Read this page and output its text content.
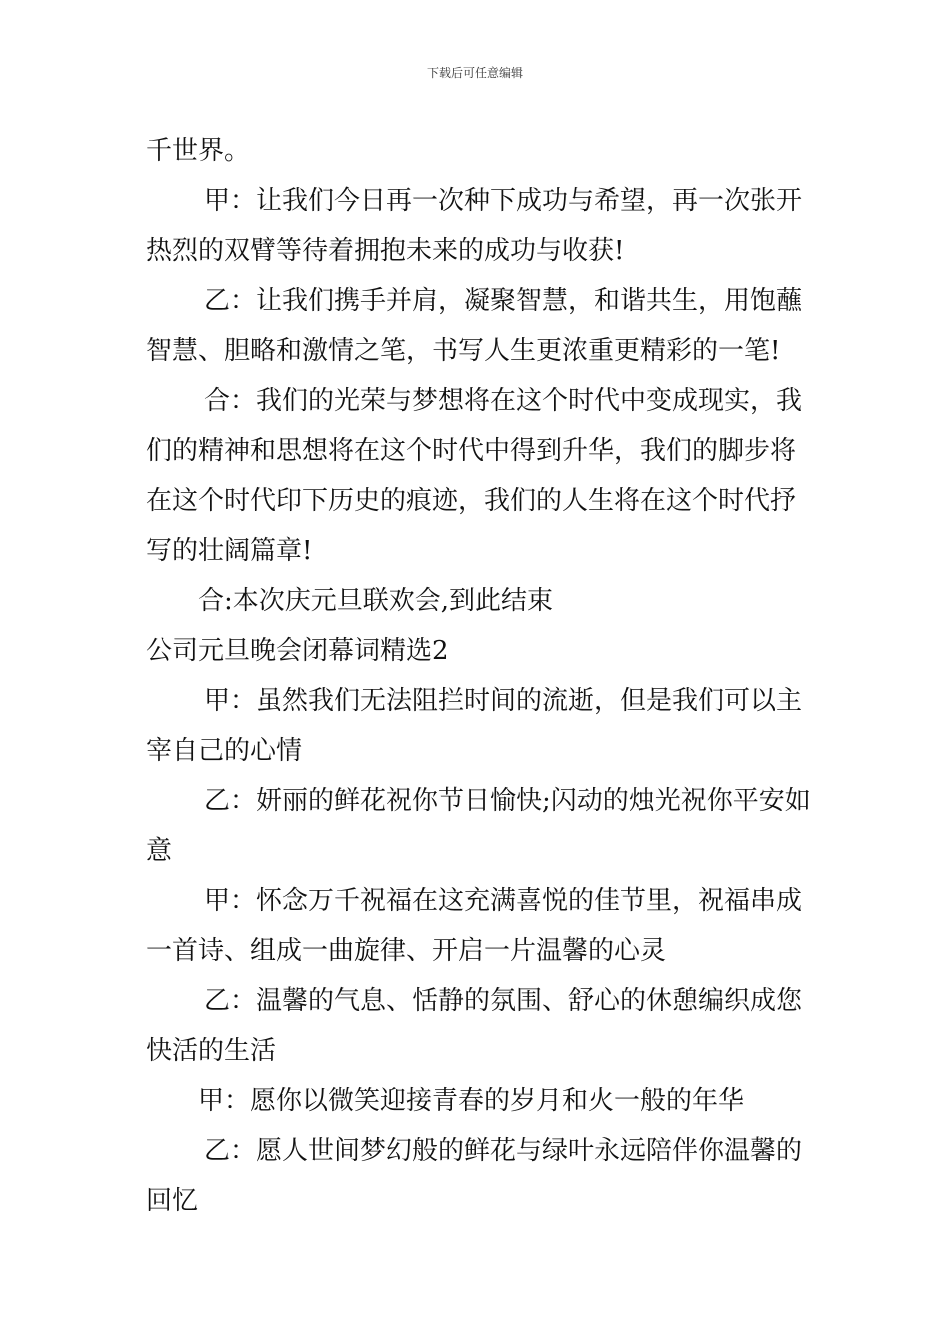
下载后可任意编辑
千世界。
甲：让我们今日再一次种下成功与希望，再一次张开
热烈的双臂等待着拥抱未来的成功与收获!
乙：让我们携手并肩，凝聚智慧，和谐共生，用饱蘸
智慧、胆略和激情之笔，书写人生更浓重更精彩的一笔!
合：我们的光荣与梦想将在这个时代中变成现实，我
们的精神和思想将在这个时代中得到升华，我们的脚步将
在这个时代印下历史的痕迹，我们的人生将在这个时代抒
写的壮阔篇章!
合:本次庆元旦联欢会,到此结束
公司元旦晚会闭幕词精选2
甲：虽然我们无法阻拦时间的流逝，但是我们可以主
宰自己的心情
乙：妍丽的鲜花祝你节日愉快;闪动的烛光祝你平安如
意
甲：怀念万千祝福在这充满喜悦的佳节里，祝福串成
一首诗、组成一曲旋律、开启一片温馨的心灵
乙：温馨的气息、恬静的氛围、舒心的休憩编织成您
快活的生活
甲：愿你以微笑迎接青春的岁月和火一般的年华
乙：愿人世间梦幻般的鲜花与绿叶永远陪伴你温馨的
回忆
